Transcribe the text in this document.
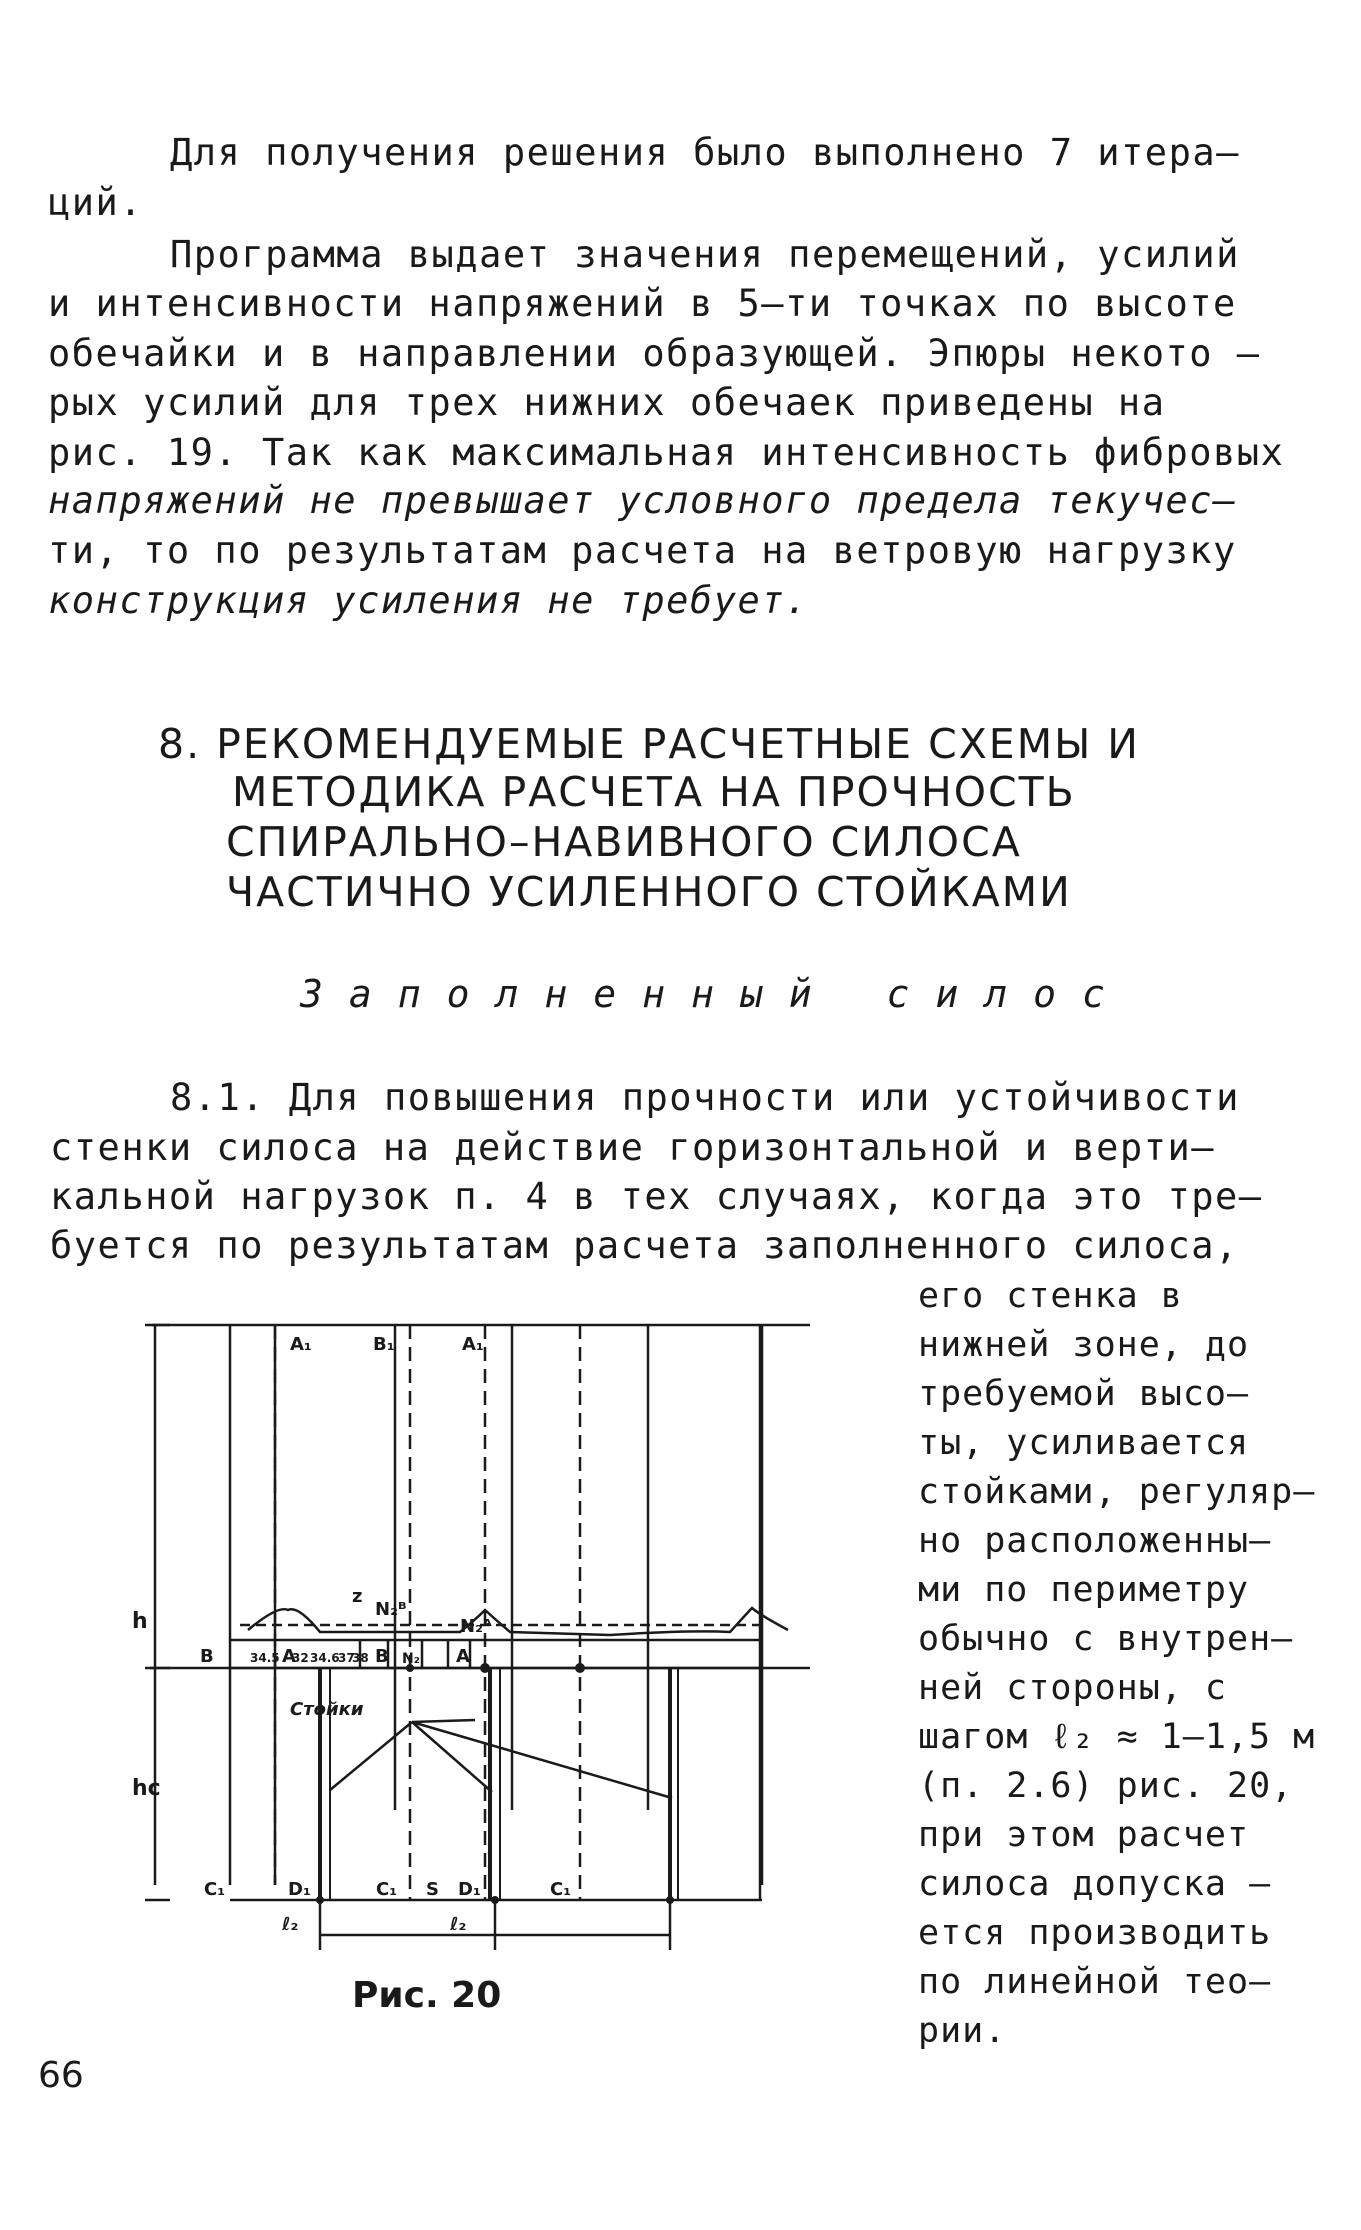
Для получения решения было выполнено 7 итера–
ций.
Программа выдает значения перемещений, усилий
и интенсивности напряжений в 5–ти точках по высоте
обечайки и в направлении образующей. Эпюры некото –
рых усилий для трех нижних обечаек приведены на
рис. 19. Так как максимальная интенсивность фибровых
напряжений не превышает условного предела текучес–
ти, то по результатам расчета на ветровую нагрузку
конструкция усиления не требует.
8. РЕКОМЕНДУЕМЫЕ РАСЧЕТНЫЕ СХЕМЫ И
МЕТОДИКА РАСЧЕТА НА ПРОЧНОСТЬ
СПИРАЛЬНО–НАВИВНОГО СИЛОСА
ЧАСТИЧНО УСИЛЕННОГО СТОЙКАМИ
Заполненный силос
8.1. Для повышения прочности или устойчивости
стенки силоса на действие горизонтальной и верти–
кальной нагрузок п. 4 в тех случаях, когда это тре–
буется по результатам расчета заполненного силоса,
его стенка в
нижней зоне, до
требуемой высо–
ты, усиливается
стойками, регуляр–
но расположенны–
ми по периметру
обычно с внутрен–
ней стороны, с
шагом ℓ₂ ≈ 1–1,5 м
(п. 2.6) рис. 20,
при этом расчет
силоса допуска –
ется производить
по линейной тео–
рии.
A₁	B₁	A₁
h
hc
z
N₂ᴮ
N₂ᴬ
B	A	B	A
N₂
34.5 32 34.6
37
38
Стойки
C₁	D₁	C₁ S D₁	C₁
ℓ₂	ℓ₂
Рис. 20
66
